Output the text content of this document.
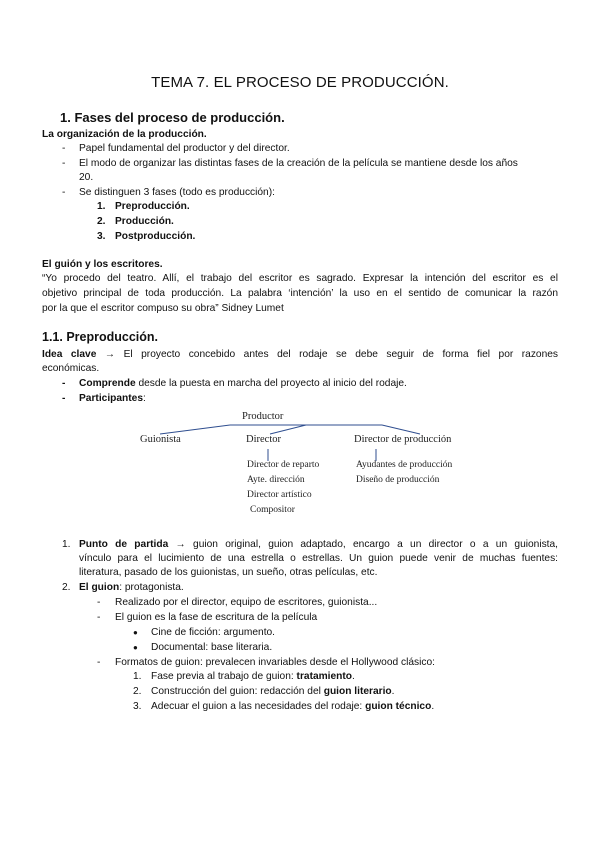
TEMA 7. EL PROCESO DE PRODUCCIÓN.
1. Fases del proceso de producción.
La organización de la producción.
- Papel fundamental del productor y del director.
- El modo de organizar las distintas fases de la creación de la película se mantiene desde los años
20.
- Se distinguen 3 fases (todo es producción):
1. Preproducción.
2. Producción.
3. Postproducción.
El guión y los escritores.
“Yo procedo del teatro. Allí, el trabajo del escritor es sagrado. Expresar la intención del escritor es el
objetivo principal de toda producción. La palabra ‘intención’ la uso en el sentido de comunicar la razón
por la que el escritor compuso su obra” Sidney Lumet
1.1. Preproducción.
Idea clave → El proyecto concebido antes del rodaje se debe seguir de forma fiel por razones
económicas.
- Comprende desde la puesta en marcha del proyecto al inicio del rodaje.
- Participantes:
Productor
Guionista	Director	Director de producción
Director de reparto
Ayte. dirección
Director artístico
Compositor
Ayudantes de producción
Diseño de producción
1. Punto de partida → guion original, guion adaptado, encargo a un director o a un guionista,
vínculo para el lucimiento de una estrella o estrellas. Un guion puede venir de muchas fuentes:
literatura, pasado de los guionistas, un sueño, otras películas, etc.
2. El guion: protagonista.
- Realizado por el director, equipo de escritores, guionista...
- El guion es la fase de escritura de la película
● Cine de ficción: argumento.
● Documental: base literaria.
- Formatos de guion: prevalecen invariables desde el Hollywood clásico:
1. Fase previa al trabajo de guion: tratamiento.
2. Construcción del guion: redacción del guion literario.
3. Adecuar el guion a las necesidades del rodaje: guion técnico.
